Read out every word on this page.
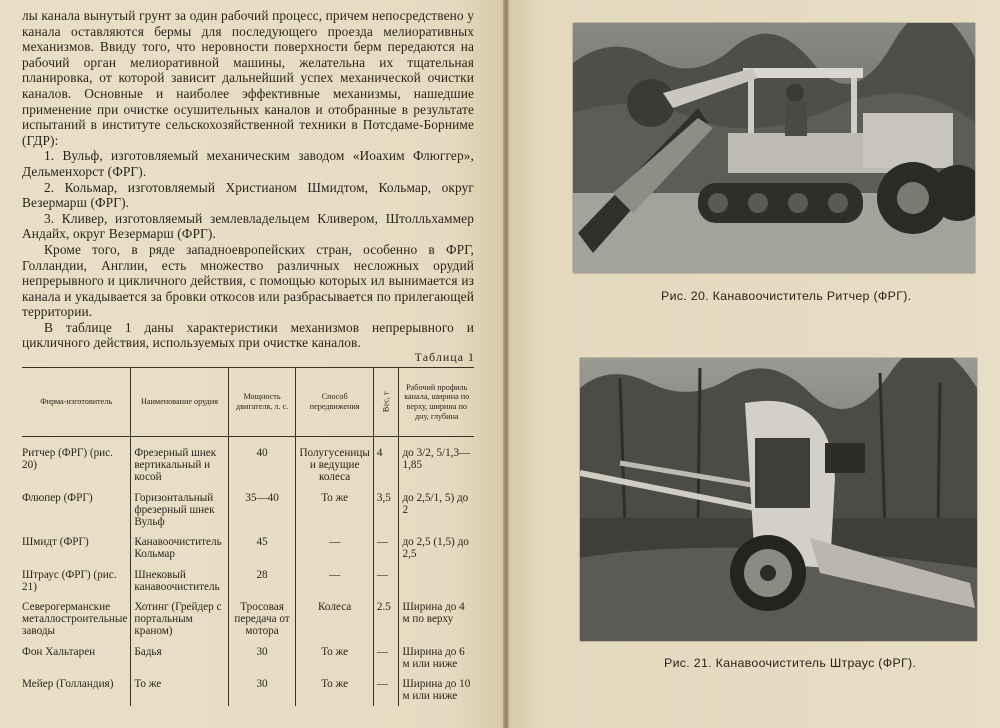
лы канала вынутый грунт за один рабочий процесс, причем непосредствено у канала оставляются бермы для последующего проезда мелиоративных механизмов. Ввиду того, что неровности поверхности берм передаются на рабочий орган мелиоративной машины, желательна их тщательная планировка, от которой зависит дальнейший успех механической очистки каналов. Основные и наиболее эффективные механизмы, нашедшие применение при очистке осушительных каналов и отобранные в результате испытаний в институте сельскохозяйственной техники в Потсдаме-Борниме (ГДР):

1. Вульф, изготовляемый механическим заводом «Иоахим Флюггер», Дельменхорст (ФРГ).

2. Кольмар, изготовляемый Христианом Шмидтом, Кольмар, округ Везермарш (ФРГ).

3. Кливер, изготовляемый землевладельцем Кливером, Штолльхаммер Андайх, округ Везермарш (ФРГ).

Кроме того, в ряде западноевропейских стран, особенно в ФРГ, Голландии, Англии, есть множество различных несложных орудий непрерывного и цикличного действия, с помощью которых ил вынимается из канала и укадывается за бровки откосов или разбрасывается по прилегающей территории.

В таблице 1 даны характеристики механизмов непрерывного и цикличного действия, используемых при очистке каналов.

Таблица 1
Фирма-изготовитель	Наименование орудия	Мощность двигателя, л. с.	Способ передвижения	Вес, т	Рабочий профиль канала, ширина по верху, ширина по дну, глубина
Ритчер (ФРГ) (рис. 20)	Фрезерный шнек вертикальный и косой	40	Полугусеницы и ведущие колеса	4	до 3/2, 5/1,3—1,85
Флюпер (ФРГ)	Горизонтальный фрезерный шнек Вульф	35—40	То же	3,5	до 2,5/1, 5) до 2
Шмидт (ФРГ)	Канавоочиститель Кольмар	45	—	—	до 2,5 (1,5) до 2,5
Штраус (ФРГ) (рис. 21)	Шнековый канавоочиститель	28	—	—	
Северогерманские металлостроительные заводы	Хотинг (Грейдер с портальным краном)	Тросовая передача от мотора	Колеса	2.5	Ширина до 4 м по верху
Фон Хальтарен	Бадья	30	То же	—	Ширина до 6 м или ниже
Мейер (Голландия)	То же	30	То же	—	Ширина до 10 м или ниже
Рис. 20. Канавоочиститель Ритчер (ФРГ).
Рис. 21. Канавоочиститель Штраус (ФРГ).
